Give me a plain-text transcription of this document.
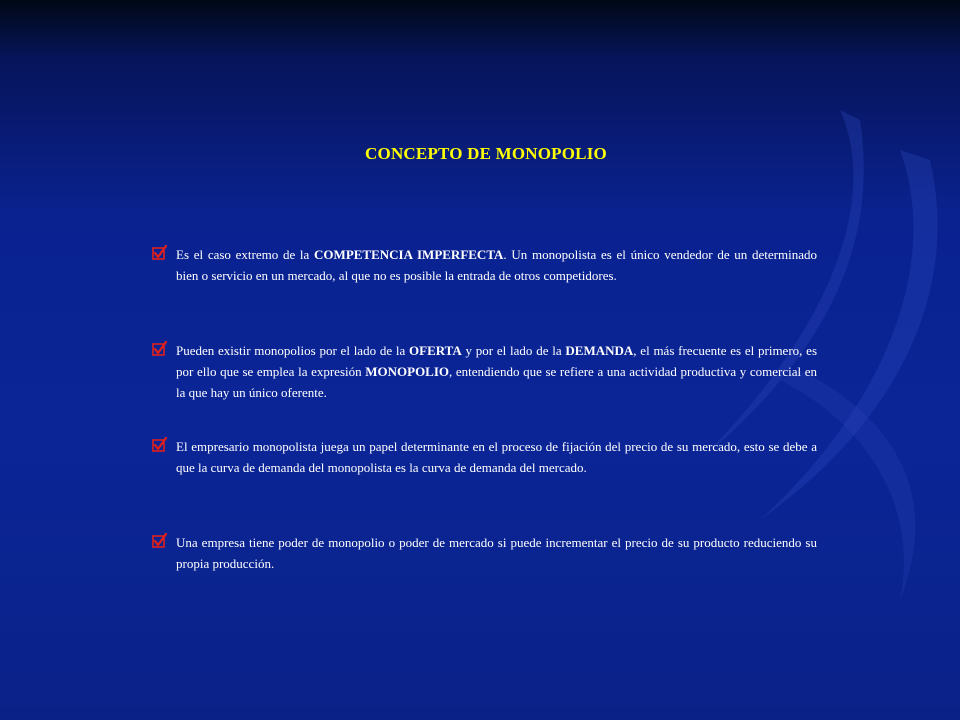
CONCEPTO DE MONOPOLIO
Es el caso extremo de la COMPETENCIA IMPERFECTA. Un monopolista es el único vendedor de un determinado bien o servicio en un mercado, al que no es posible la entrada de otros competidores.
Pueden existir monopolios por el lado de la OFERTA y por el lado de la DEMANDA, el más frecuente es el primero, es por ello que se emplea la expresión MONOPOLIO, entendiendo que se refiere a una actividad productiva y comercial en la que hay un único oferente.
El empresario monopolista juega un papel determinante en el proceso de fijación del precio de su mercado, esto se debe a que la curva de demanda del monopolista es la curva de demanda del mercado.
Una empresa tiene poder de monopolio o poder de mercado si puede incrementar el precio de su producto reduciendo su propia producción.
